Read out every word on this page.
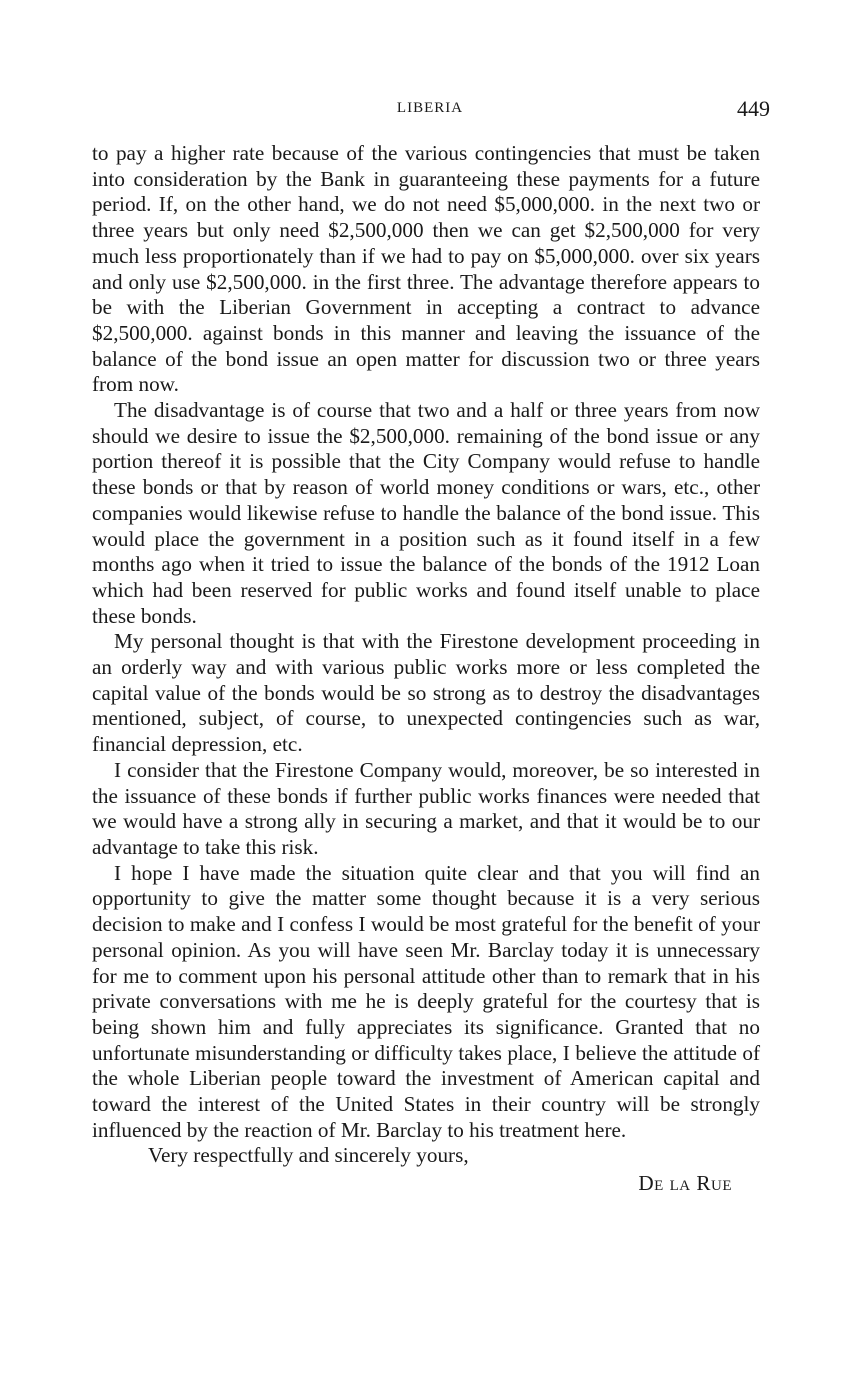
LIBERIA	449

to pay a higher rate because of the various contingencies that must be taken into consideration by the Bank in guaranteeing these payments for a future period. If, on the other hand, we do not need $5,000,000. in the next two or three years but only need $2,500,000 then we can get $2,500,000 for very much less proportionately than if we had to pay on $5,000,000. over six years and only use $2,500,000. in the first three. The advantage therefore appears to be with the Liberian Government in accepting a contract to advance $2,500,000. against bonds in this manner and leaving the issuance of the balance of the bond issue an open matter for discussion two or three years from now.

The disadvantage is of course that two and a half or three years from now should we desire to issue the $2,500,000. remaining of the bond issue or any portion thereof it is possible that the City Company would refuse to handle these bonds or that by reason of world money conditions or wars, etc., other companies would likewise refuse to handle the balance of the bond issue. This would place the government in a position such as it found itself in a few months ago when it tried to issue the balance of the bonds of the 1912 Loan which had been reserved for public works and found itself unable to place these bonds.

My personal thought is that with the Firestone development proceeding in an orderly way and with various public works more or less completed the capital value of the bonds would be so strong as to destroy the disadvantages mentioned, subject, of course, to unexpected contingencies such as war, financial depression, etc.

I consider that the Firestone Company would, moreover, be so interested in the issuance of these bonds if further public works finances were needed that we would have a strong ally in securing a market, and that it would be to our advantage to take this risk.

I hope I have made the situation quite clear and that you will find an opportunity to give the matter some thought because it is a very serious decision to make and I confess I would be most grateful for the benefit of your personal opinion. As you will have seen Mr. Barclay today it is unnecessary for me to comment upon his personal attitude other than to remark that in his private conversations with me he is deeply grateful for the courtesy that is being shown him and fully appreciates its significance. Granted that no unfortunate misunderstanding or difficulty takes place, I believe the attitude of the whole Liberian people toward the investment of American capital and toward the interest of the United States in their country will be strongly influenced by the reaction of Mr. Barclay to his treatment here.

Very respectfully and sincerely yours,

De la Rue
